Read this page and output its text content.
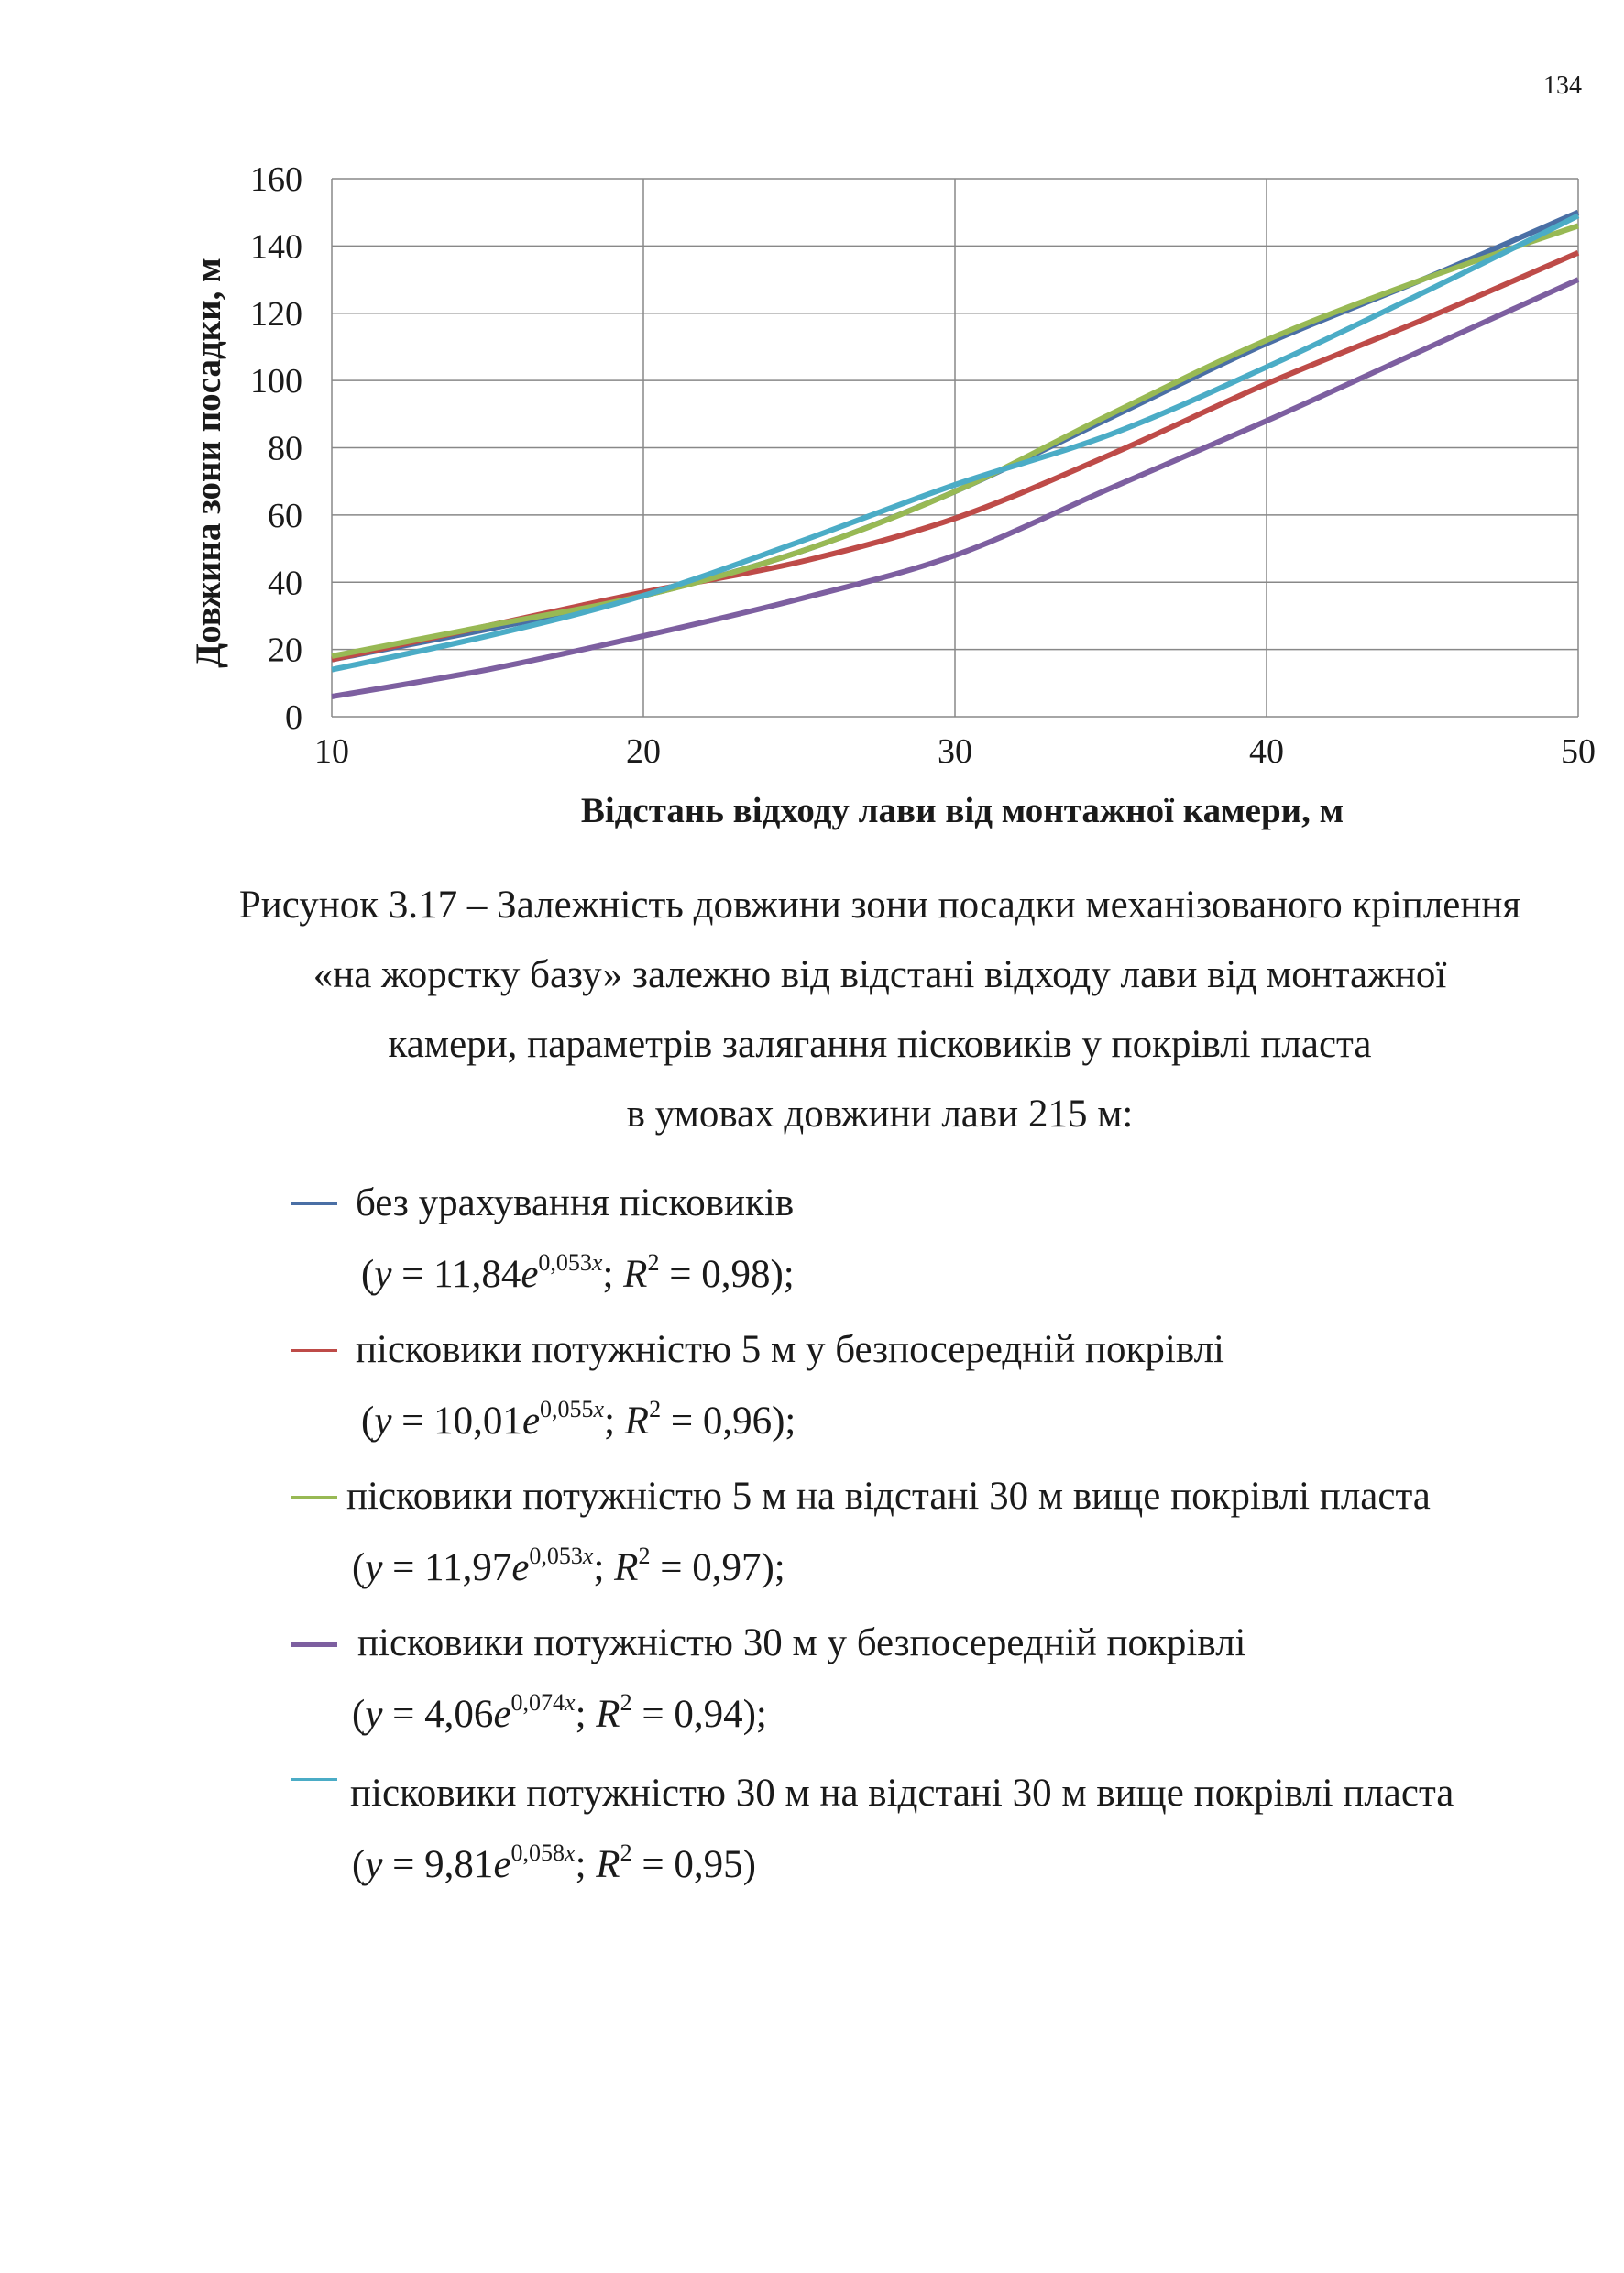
134
0
20
40
60
80
100
120
140
160
10	20	30	40	50
Довжина зони посадки, м
Відстань відходу лави від монтажної камери, м
Рисунок 3.17 – Залежність довжини зони посадки механізованого кріплення
«на жорстку базу» залежно від відстані відходу лави від монтажної
камери, параметрів залягання пісковиків у покрівлі пласта
в умовах довжини лави 215 м:
без урахування пісковиків
($y = 11,84e^{0,053x}$; $R^2 = 0,98$);
пісковики потужністю 5 м у безпосередній покрівлі
($y = 10,01e^{0,055x}$; $R^2 = 0,96$);
пісковики потужністю 5 м на відстані 30 м вище покрівлі пласта
($y = 11,97e^{0,053x}$; $R^2 = 0,97$);
пісковики потужністю 30 м у безпосередній покрівлі
($y = 4,06e^{0,074x}$; $R^2 = 0,94$);
пісковики потужністю 30 м на відстані 30 м вище покрівлі пласта
($y = 9,81e^{0,058x}$; $R^2 = 0,95$)
